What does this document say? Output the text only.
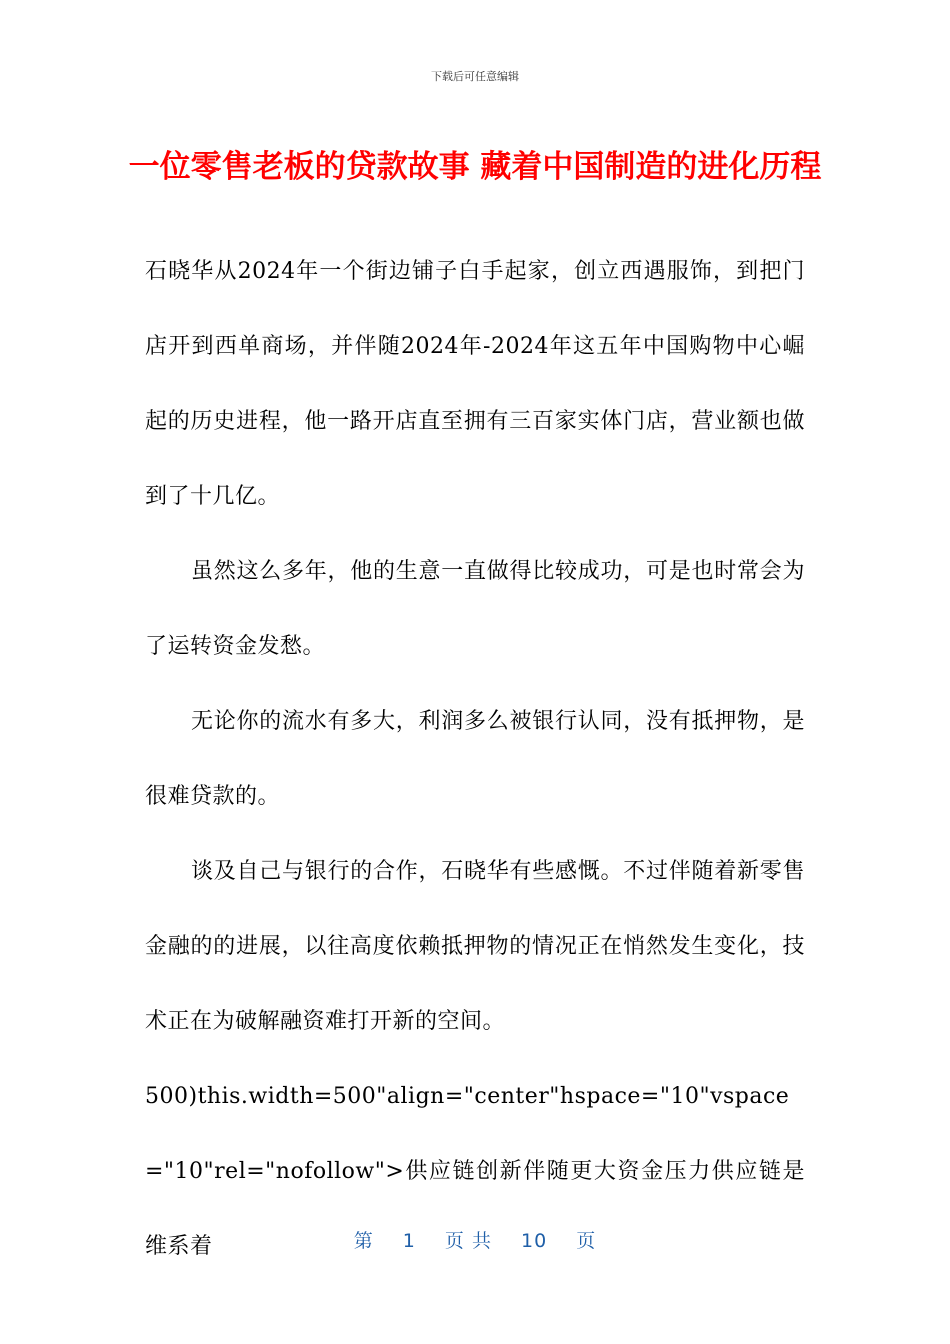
下载后可任意编辑
一位零售老板的贷款故事 藏着中国制造的进化历程

石晓华从2024年一个街边铺子白手起家，创立西遇服饰，到把门店开到西单商场，并伴随2024年-2024年这五年中国购物中心崛起的历史进程，他一路开店直至拥有三百家实体门店，营业额也做到了十几亿。

虽然这么多年，他的生意一直做得比较成功，可是也时常会为了运转资金发愁。

无论你的流水有多大，利润多么被银行认同，没有抵押物，是很难贷款的。

谈及自己与银行的合作，石晓华有些感慨。不过伴随着新零售金融的的进展，以往高度依赖抵押物的情况正在悄然发生变化，技术正在为破解融资难打开新的空间。

500)this.width=500"align="center"hspace="10"vspace="10"rel="nofollow">供应链创新伴随更大资金压力供应链是维系着	第 1 页 共 10 页
